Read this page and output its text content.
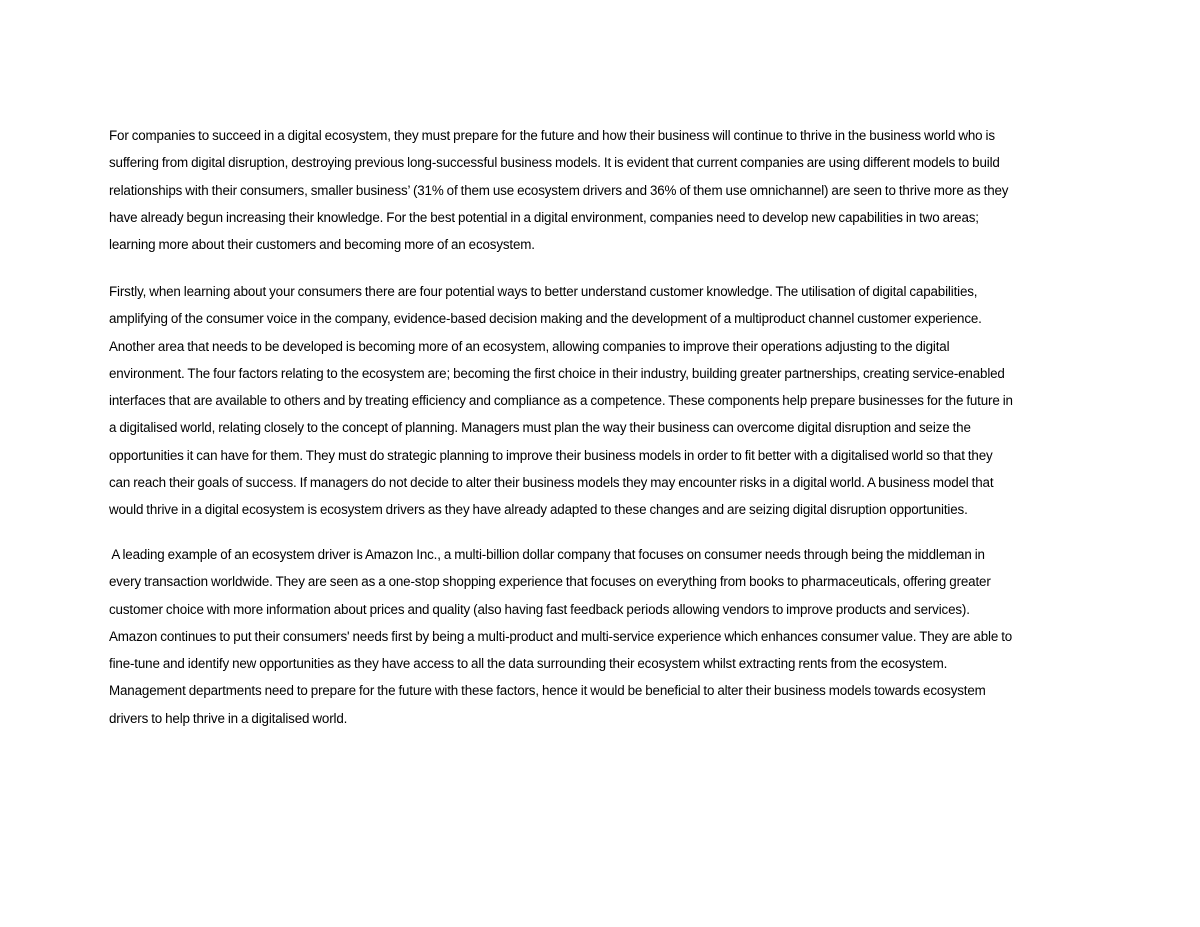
For companies to succeed in a digital ecosystem, they must prepare for the future and how their business will continue to thrive in the business world who is
suffering from digital disruption, destroying previous long-successful business models. It is evident that current companies are using different models to build
relationships with their consumers, smaller business’ (31% of them use ecosystem drivers and 36% of them use omnichannel) are seen to thrive more as they
have already begun increasing their knowledge. For the best potential in a digital environment, companies need to develop new capabilities in two areas;
learning more about their customers and becoming more of an ecosystem.
Firstly, when learning about your consumers there are four potential ways to better understand customer knowledge. The utilisation of digital capabilities,
amplifying of the consumer voice in the company, evidence-based decision making and the development of a multiproduct channel customer experience.
Another area that needs to be developed is becoming more of an ecosystem, allowing companies to improve their operations adjusting to the digital
environment. The four factors relating to the ecosystem are; becoming the first choice in their industry, building greater partnerships, creating service-enabled
interfaces that are available to others and by treating efficiency and compliance as a competence. These components help prepare businesses for the future in
a digitalised world, relating closely to the concept of planning. Managers must plan the way their business can overcome digital disruption and seize the
opportunities it can have for them. They must do strategic planning to improve their business models in order to fit better with a digitalised world so that they
can reach their goals of success. If managers do not decide to alter their business models they may encounter risks in a digital world. A business model that
would thrive in a digital ecosystem is ecosystem drivers as they have already adapted to these changes and are seizing digital disruption opportunities.
A leading example of an ecosystem driver is Amazon Inc., a multi-billion dollar company that focuses on consumer needs through being the middleman in
every transaction worldwide. They are seen as a one-stop shopping experience that focuses on everything from books to pharmaceuticals, offering greater
customer choice with more information about prices and quality (also having fast feedback periods allowing vendors to improve products and services).
Amazon continues to put their consumers' needs first by being a multi-product and multi-service experience which enhances consumer value. They are able to
fine-tune and identify new opportunities as they have access to all the data surrounding their ecosystem whilst extracting rents from the ecosystem.
Management departments need to prepare for the future with these factors, hence it would be beneficial to alter their business models towards ecosystem
drivers to help thrive in a digitalised world.
